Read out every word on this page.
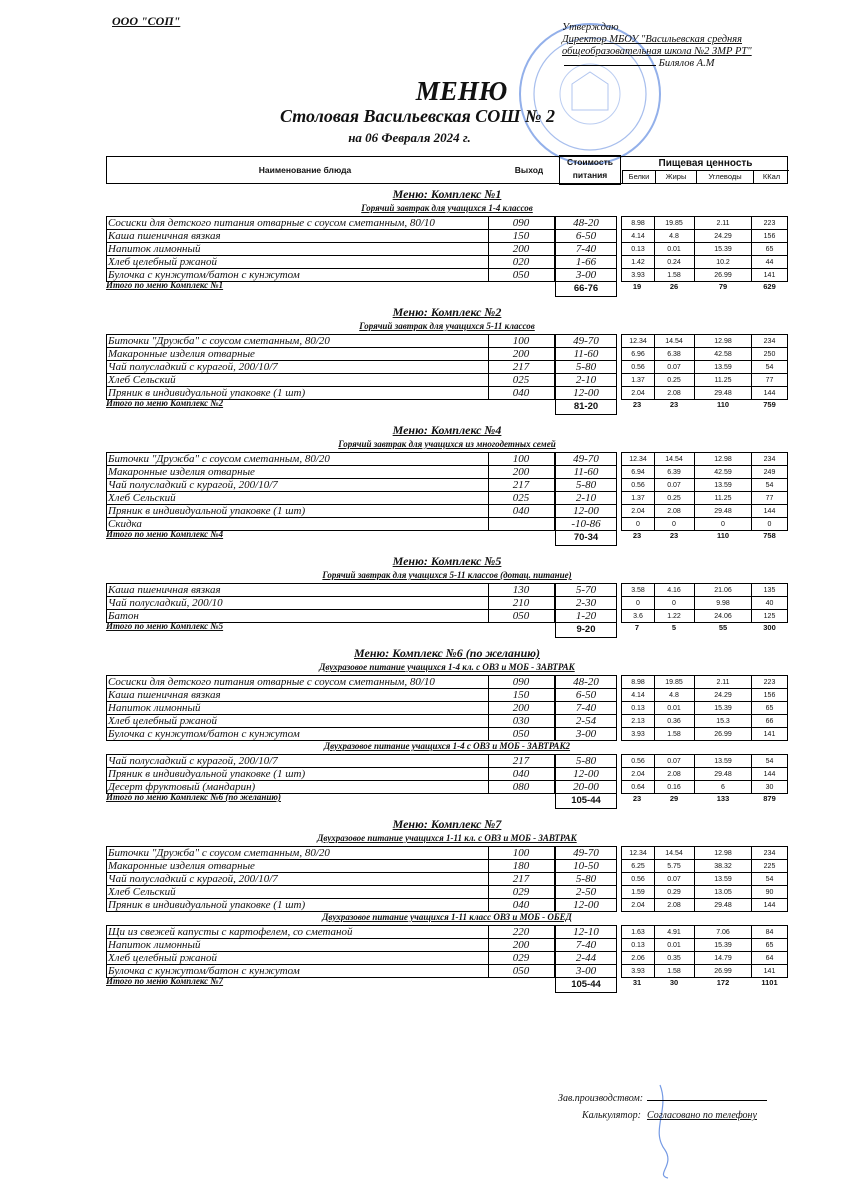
ООО "СОП"	Утверждаю
Директор МБОУ "Васильевская средняя
общеобразовательная школа №2 ЗМР РТ"
Билялов А.М
МЕНЮ
Столовая Васильевская СОШ № 2
на 06 Февраля 2024 г.
Наименование блюда	Выход
Стоимость
питания
Пищевая ценность
Белки	Жиры	Углеводы	ККал
Меню: Комплекс №1
Горячий завтрак для учащихся 1-4 классов
Сосиски для детского питания отварные с соусом сметанным, 80/10	090	48-20	8.98	19.85	2.11	223
Каша пшеничная вязкая	150	6-50	4.14	4.8	24.29	156
Напиток лимонный	200	7-40	0.13	0.01	15.39	65
Хлеб целебный ржаной	020	1-66	1.42	0.24	10.2	44
Булочка с кунжутом/батон с кунжутом	050	3-00	3.93	1.58	26.99	141
Итого по меню Комплекс №1	66-76	19	26	79	629
Меню: Комплекс №2
Горячий завтрак для учащихся 5-11 классов
Биточки "Дружба" с соусом сметанным, 80/20	100	49-70	12.34	14.54	12.98	234
Макаронные изделия отварные	200	11-60	6.96	6.38	42.58	250
Чай полусладкий с курагой, 200/10/7	217	5-80	0.56	0.07	13.59	54
Хлеб Сельский	025	2-10	1.37	0.25	11.25	77
Пряник в индивидуальной упаковке (1 шт)	040	12-00	2.04	2.08	29.48	144
Итого по меню Комплекс №2	81-20	23	23	110	759
Меню: Комплекс №4
Горячий завтрак для учащихся из многодетных семей
Биточки "Дружба" с соусом сметанным, 80/20	100	49-70	12.34	14.54	12.98	234
Макаронные изделия отварные	200	11-60	6.94	6.39	42.59	249
Чай полусладкий с курагой, 200/10/7	217	5-80	0.56	0.07	13.59	54
Хлеб Сельский	025	2-10	1.37	0.25	11.25	77
Пряник в индивидуальной упаковке (1 шт)	040	12-00	2.04	2.08	29.48	144
Скидка	-10-86	0	0	0	0
Итого по меню Комплекс №4	70-34	23	23	110	758
Меню: Комплекс №5
Горячий завтрак для учащихся 5-11 классов (дотац. питание)
Каша пшеничная вязкая	130	5-70	3.58	4.16	21.06	135
Чай полусладкий, 200/10	210	2-30	0	0	9.98	40
Батон	050	1-20	3.6	1.22	24.06	125
Итого по меню Комплекс №5	9-20	7	5	55	300
Меню: Комплекс №6 (по желанию)
Двухразовое питание учащихся 1-4 кл. с ОВЗ и МОБ - ЗАВТРАК
Сосиски для детского питания отварные с соусом сметанным, 80/10	090	48-20	8.98	19.85	2.11	223
Каша пшеничная вязкая	150	6-50	4.14	4.8	24.29	156
Напиток лимонный	200	7-40	0.13	0.01	15.39	65
Хлеб целебный ржаной	030	2-54	2.13	0.36	15.3	66
Булочка с кунжутом/батон с кунжутом	050	3-00	3.93	1.58	26.99	141
Двухразовое питание учащихся 1-4 с ОВЗ и МОБ - ЗАВТРАК2
Чай полусладкий с курагой, 200/10/7	217	5-80	0.56	0.07	13.59	54
Пряник в индивидуальной упаковке (1 шт)	040	12-00	2.04	2.08	29.48	144
Десерт фруктовый (мандарин)	080	20-00	0.64	0.16	6	30
Итого по меню Комплекс №6 (по желанию)	105-44	23	29	133	879
Меню: Комплекс №7
Двухразовое питание учащихся 1-11 кл. с ОВЗ и МОБ - ЗАВТРАК
Биточки "Дружба" с соусом сметанным, 80/20	100	49-70	12.34	14.54	12.98	234
Макаронные изделия отварные	180	10-50	6.25	5.75	38.32	225
Чай полусладкий с курагой, 200/10/7	217	5-80	0.56	0.07	13.59	54
Хлеб Сельский	029	2-50	1.59	0.29	13.05	90
Пряник в индивидуальной упаковке (1 шт)	040	12-00	2.04	2.08	29.48	144
Двухразовое питание учащихся 1-11 класс ОВЗ и МОБ - ОБЕД
Щи из свежей капусты с картофелем, со сметаной	220	12-10	1.63	4.91	7.06	84
Напиток лимонный	200	7-40	0.13	0.01	15.39	65
Хлеб целебный ржаной	029	2-44	2.06	0.35	14.79	64
Булочка с кунжутом/батон с кунжутом	050	3-00	3.93	1.58	26.99	141
Итого по меню Комплекс №7	105-44	31	30	172	1101
Зав.производством:
Калькулятор: Согласовано по телефону
